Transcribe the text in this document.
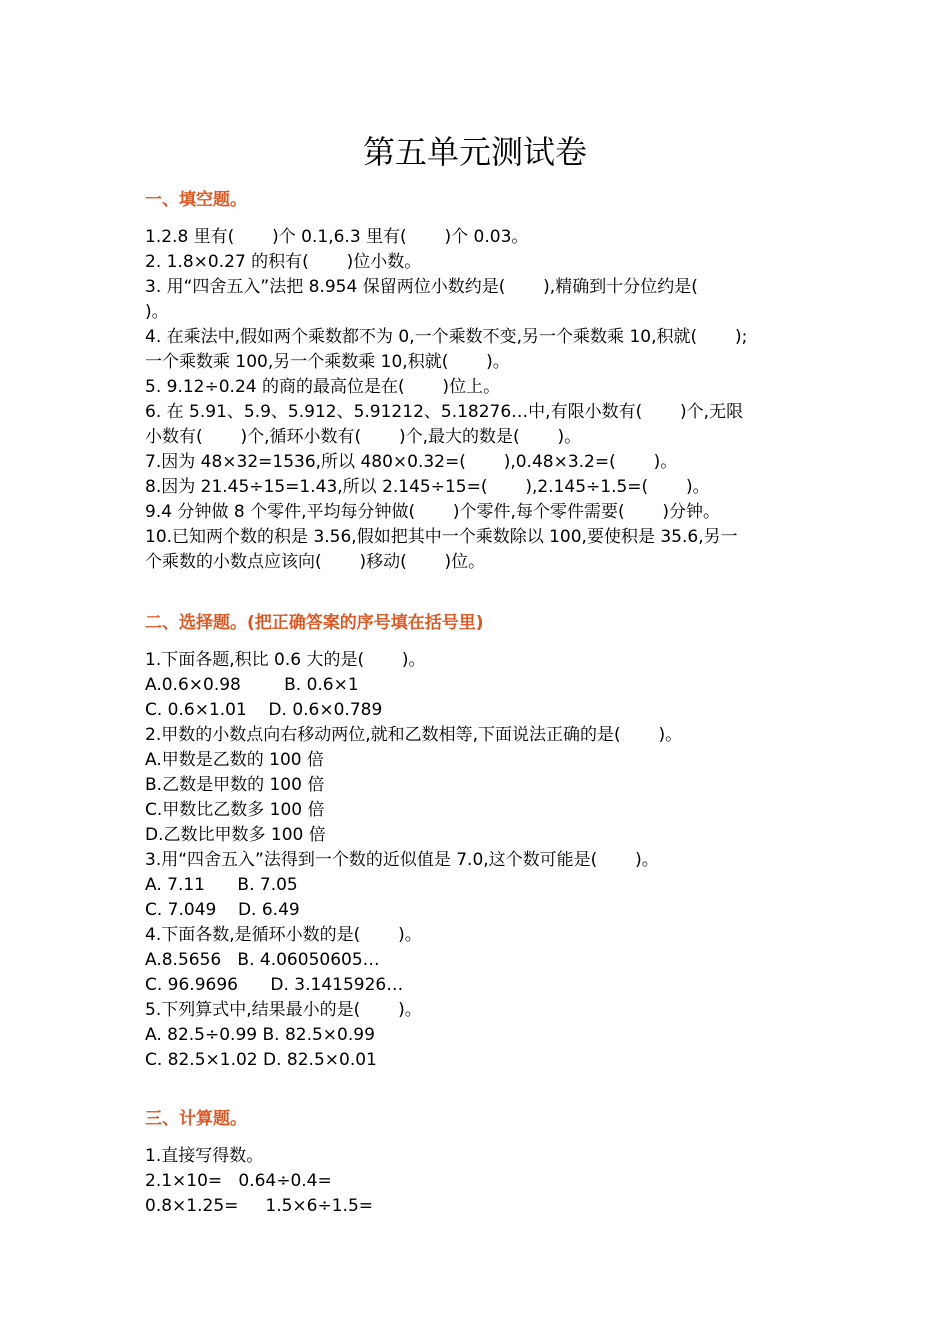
第五单元测试卷
一、填空题。
1.2.8 里有(       )个 0.1,6.3 里有(       )个 0.03。
2. 1.8×0.27 的积有(       )位小数。
3. 用“四舍五入”法把 8.954 保留两位小数约是(       ),精确到十分位约是(
)。
4. 在乘法中,假如两个乘数都不为 0,一个乘数不变,另一个乘数乘 10,积就(       );
一个乘数乘 100,另一个乘数乘 10,积就(       )。
5. 9.12÷0.24 的商的最高位是在(       )位上。
6. 在 5.91、5.9、5.912、5.91212、5.18276…中,有限小数有(       )个,无限
小数有(       )个,循环小数有(       )个,最大的数是(       )。
7.因为 48×32=1536,所以 480×0.32=(       ),0.48×3.2=(       )。
8.因为 21.45÷15=1.43,所以 2.145÷15=(       ),2.145÷1.5=(       )。
9.4 分钟做 8 个零件,平均每分钟做(       )个零件,每个零件需要(       )分钟。
10.已知两个数的积是 3.56,假如把其中一个乘数除以 100,要使积是 35.6,另一
个乘数的小数点应该向(       )移动(       )位。
二、选择题。(把正确答案的序号填在括号里)
1.下面各题,积比 0.6 大的是(       )。
A.0.6×0.98        B. 0.6×1
C. 0.6×1.01    D. 0.6×0.789
2.甲数的小数点向右移动两位,就和乙数相等,下面说法正确的是(       )。
A.甲数是乙数的 100 倍
B.乙数是甲数的 100 倍
C.甲数比乙数多 100 倍
D.乙数比甲数多 100 倍
3.用“四舍五入”法得到一个数的近似值是 7.0,这个数可能是(       )。
A. 7.11      B. 7.05
C. 7.049    D. 6.49
4.下面各数,是循环小数的是(       )。
A.8.5656   B. 4.06050605…
C. 96.9696      D. 3.1415926…
5.下列算式中,结果最小的是(       )。
A. 82.5÷0.99 B. 82.5×0.99
C. 82.5×1.02 D. 82.5×0.01
三、计算题。
1.直接写得数。
2.1×10=   0.64÷0.4=
0.8×1.25=     1.5×6÷1.5=
